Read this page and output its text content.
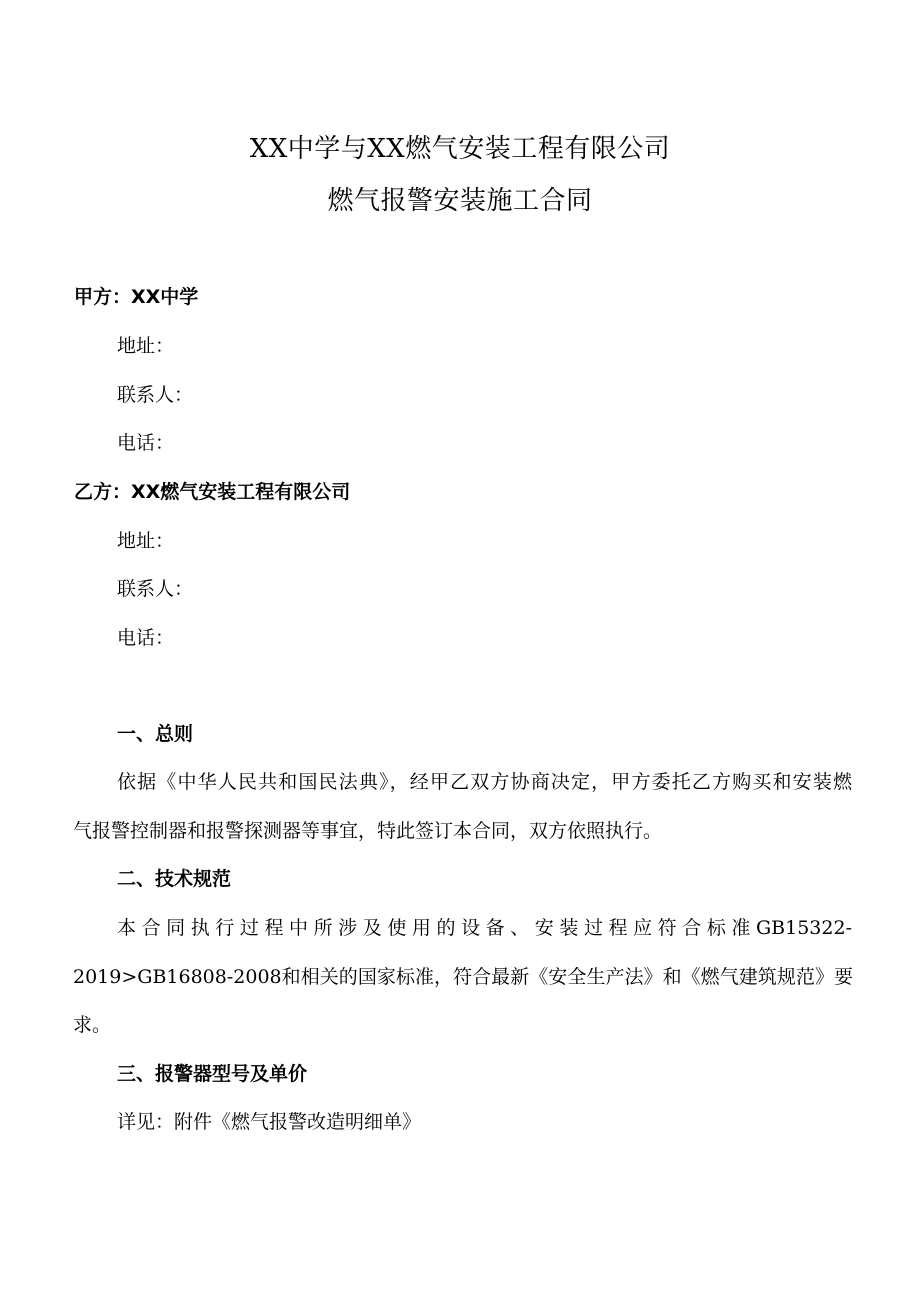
XX中学与XX燃气安装工程有限公司
燃气报警安装施工合同
甲方：XX中学
地址：
联系人：
电话：
乙方：XX燃气安装工程有限公司
地址：
联系人：
电话：
一、总则
依据《中华人民共和国民法典》，经甲乙双方协商决定，甲方委托乙方购买和安装燃
气报警控制器和报警探测器等事宜，特此签订本合同，双方依照执行。
二、技术规范
本合同执行过程中所涉及使用的设备、安装过程应符合标准GB15322-
2019>GB16808-2008和相关的国家标准，符合最新《安全生产法》和《燃气建筑规范》要
求。
三、报警器型号及单价
详见：附件《燃气报警改造明细单》
